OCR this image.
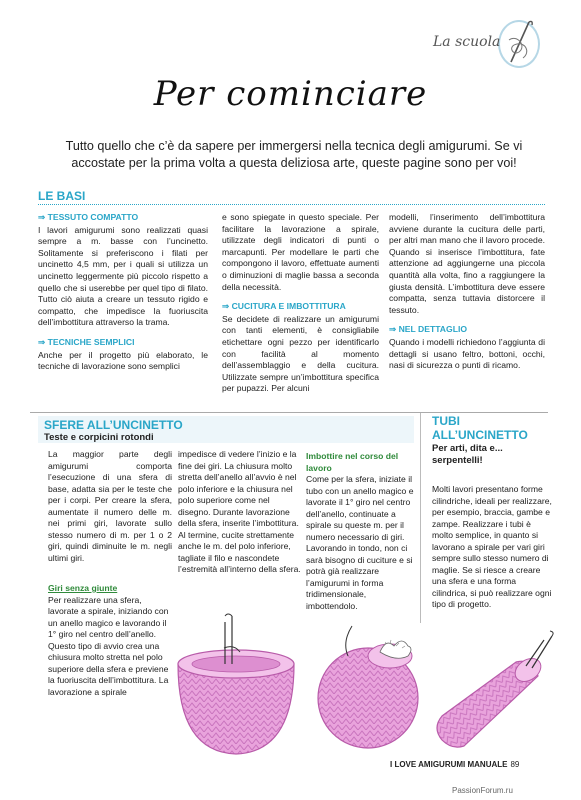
La scuola
Per cominciare
Tutto quello che c’è da sapere per immergersi nella tecnica degli amigurumi. Se vi accostate per la prima volta a questa deliziosa arte, queste pagine sono per voi!
LE BASI
⇒ TESSUTO COMPATTO
I lavori amigurumi sono realizzati quasi sempre a m. basse con l’uncinetto. Solitamente si preferiscono i filati per uncinetto 4,5 mm, per i quali si utilizza un uncinetto leggermente più piccolo rispetto a quello che si userebbe per quel tipo di filato. Tutto ciò aiuta a creare un tessuto rigido e compatto, che impedisce la fuoriuscita dell’imbottitura attraverso la trama.
⇒ TECNICHE SEMPLICI
Anche per il progetto più elaborato, le tecniche di lavorazione sono semplici
e sono spiegate in questo speciale. Per facilitare la lavorazione a spirale, utilizzate degli indicatori di punti o marcapunti. Per modellare le parti che compongono il lavoro, effettuate aumenti o diminuzioni di maglie bassa a seconda della necessità.
⇒ CUCITURA E IMBOTTITURA
Se decidete di realizzare un amigurumi con tanti elementi, è consigliabile etichettare ogni pezzo per identificarlo con facilità al momento dell’assemblaggio e della cucitura. Utilizzate sempre un’imbottitura specifica per pupazzi. Per alcuni
modelli, l’inserimento dell’imbottitura avviene durante la cucitura delle parti, per altri man mano che il lavoro procede. Quando si inserisce l’imbottitura, fate attenzione ad aggiungerne una piccola quantità alla volta, fino a raggiungere la giusta densità. L’imbottitura deve essere compatta, senza tuttavia distorcere il tessuto.
⇒ NEL DETTAGLIO
Quando i modelli richiedono l’aggiunta di dettagli si usano feltro, bottoni, occhi, nasi di sicurezza o punti di ricamo.
SFERE ALL’UNCINETTO
Teste e corpicini rotondi
La maggior parte degli amigurumi comporta l’esecuzione di una sfera di base, adatta sia per le teste che per i corpi. Per creare la sfera, aumentate il numero delle m. nei primi giri, lavorate sullo stesso numero di m. per 1 o 2 giri, quindi diminuite le m. negli ultimi giri.
Giri senza giunte
Per realizzare una sfera, lavorate a spirale, iniziando con un anello magico e lavorando il 1° giro nel centro dell’anello. Questo tipo di avvio crea una chiusura molto stretta nel polo superiore della sfera e previene la fuoriuscita dell’imbottitura. La lavorazione a spirale
impedisce di vedere l’inizio e la fine dei giri. La chiusura molto stretta dell’anello all’avvio è nel polo inferiore e la chiusura nel polo superiore come nel disegno. Durante lavorazione della sfera, inserite l’imbottitura. Al termine, cucite strettamente anche le m. del polo inferiore, tagliate il filo e nascondete l’estremità all’interno della sfera.
Imbottire nel corso del lavoro
Come per la sfera, iniziate il tubo con un anello magico e lavorate il 1° giro nel centro dell’anello, continuate a spirale su queste m. per il numero necessario di giri. Lavorando in tondo, non ci sarà bisogno di cuciture e si potrà già realizzare l’amigurumi in forma tridimensionale, imbottendolo.
TUBI ALL’UNCINETTO
Per arti, dita e... serpentelli!
Molti lavori presentano forme cilindriche, ideali per realizzare, per esempio, braccia, gambe e zampe. Realizzare i tubi è molto semplice, in quanto si lavorano a spirale per vari giri sempre sullo stesso numero di maglie. Se si riesce a creare una sfera e una forma cilindrica, si può realizzare ogni tipo di progetto.
I LOVE AMIGURUMI MANUALE 89
PassionForum.ru
